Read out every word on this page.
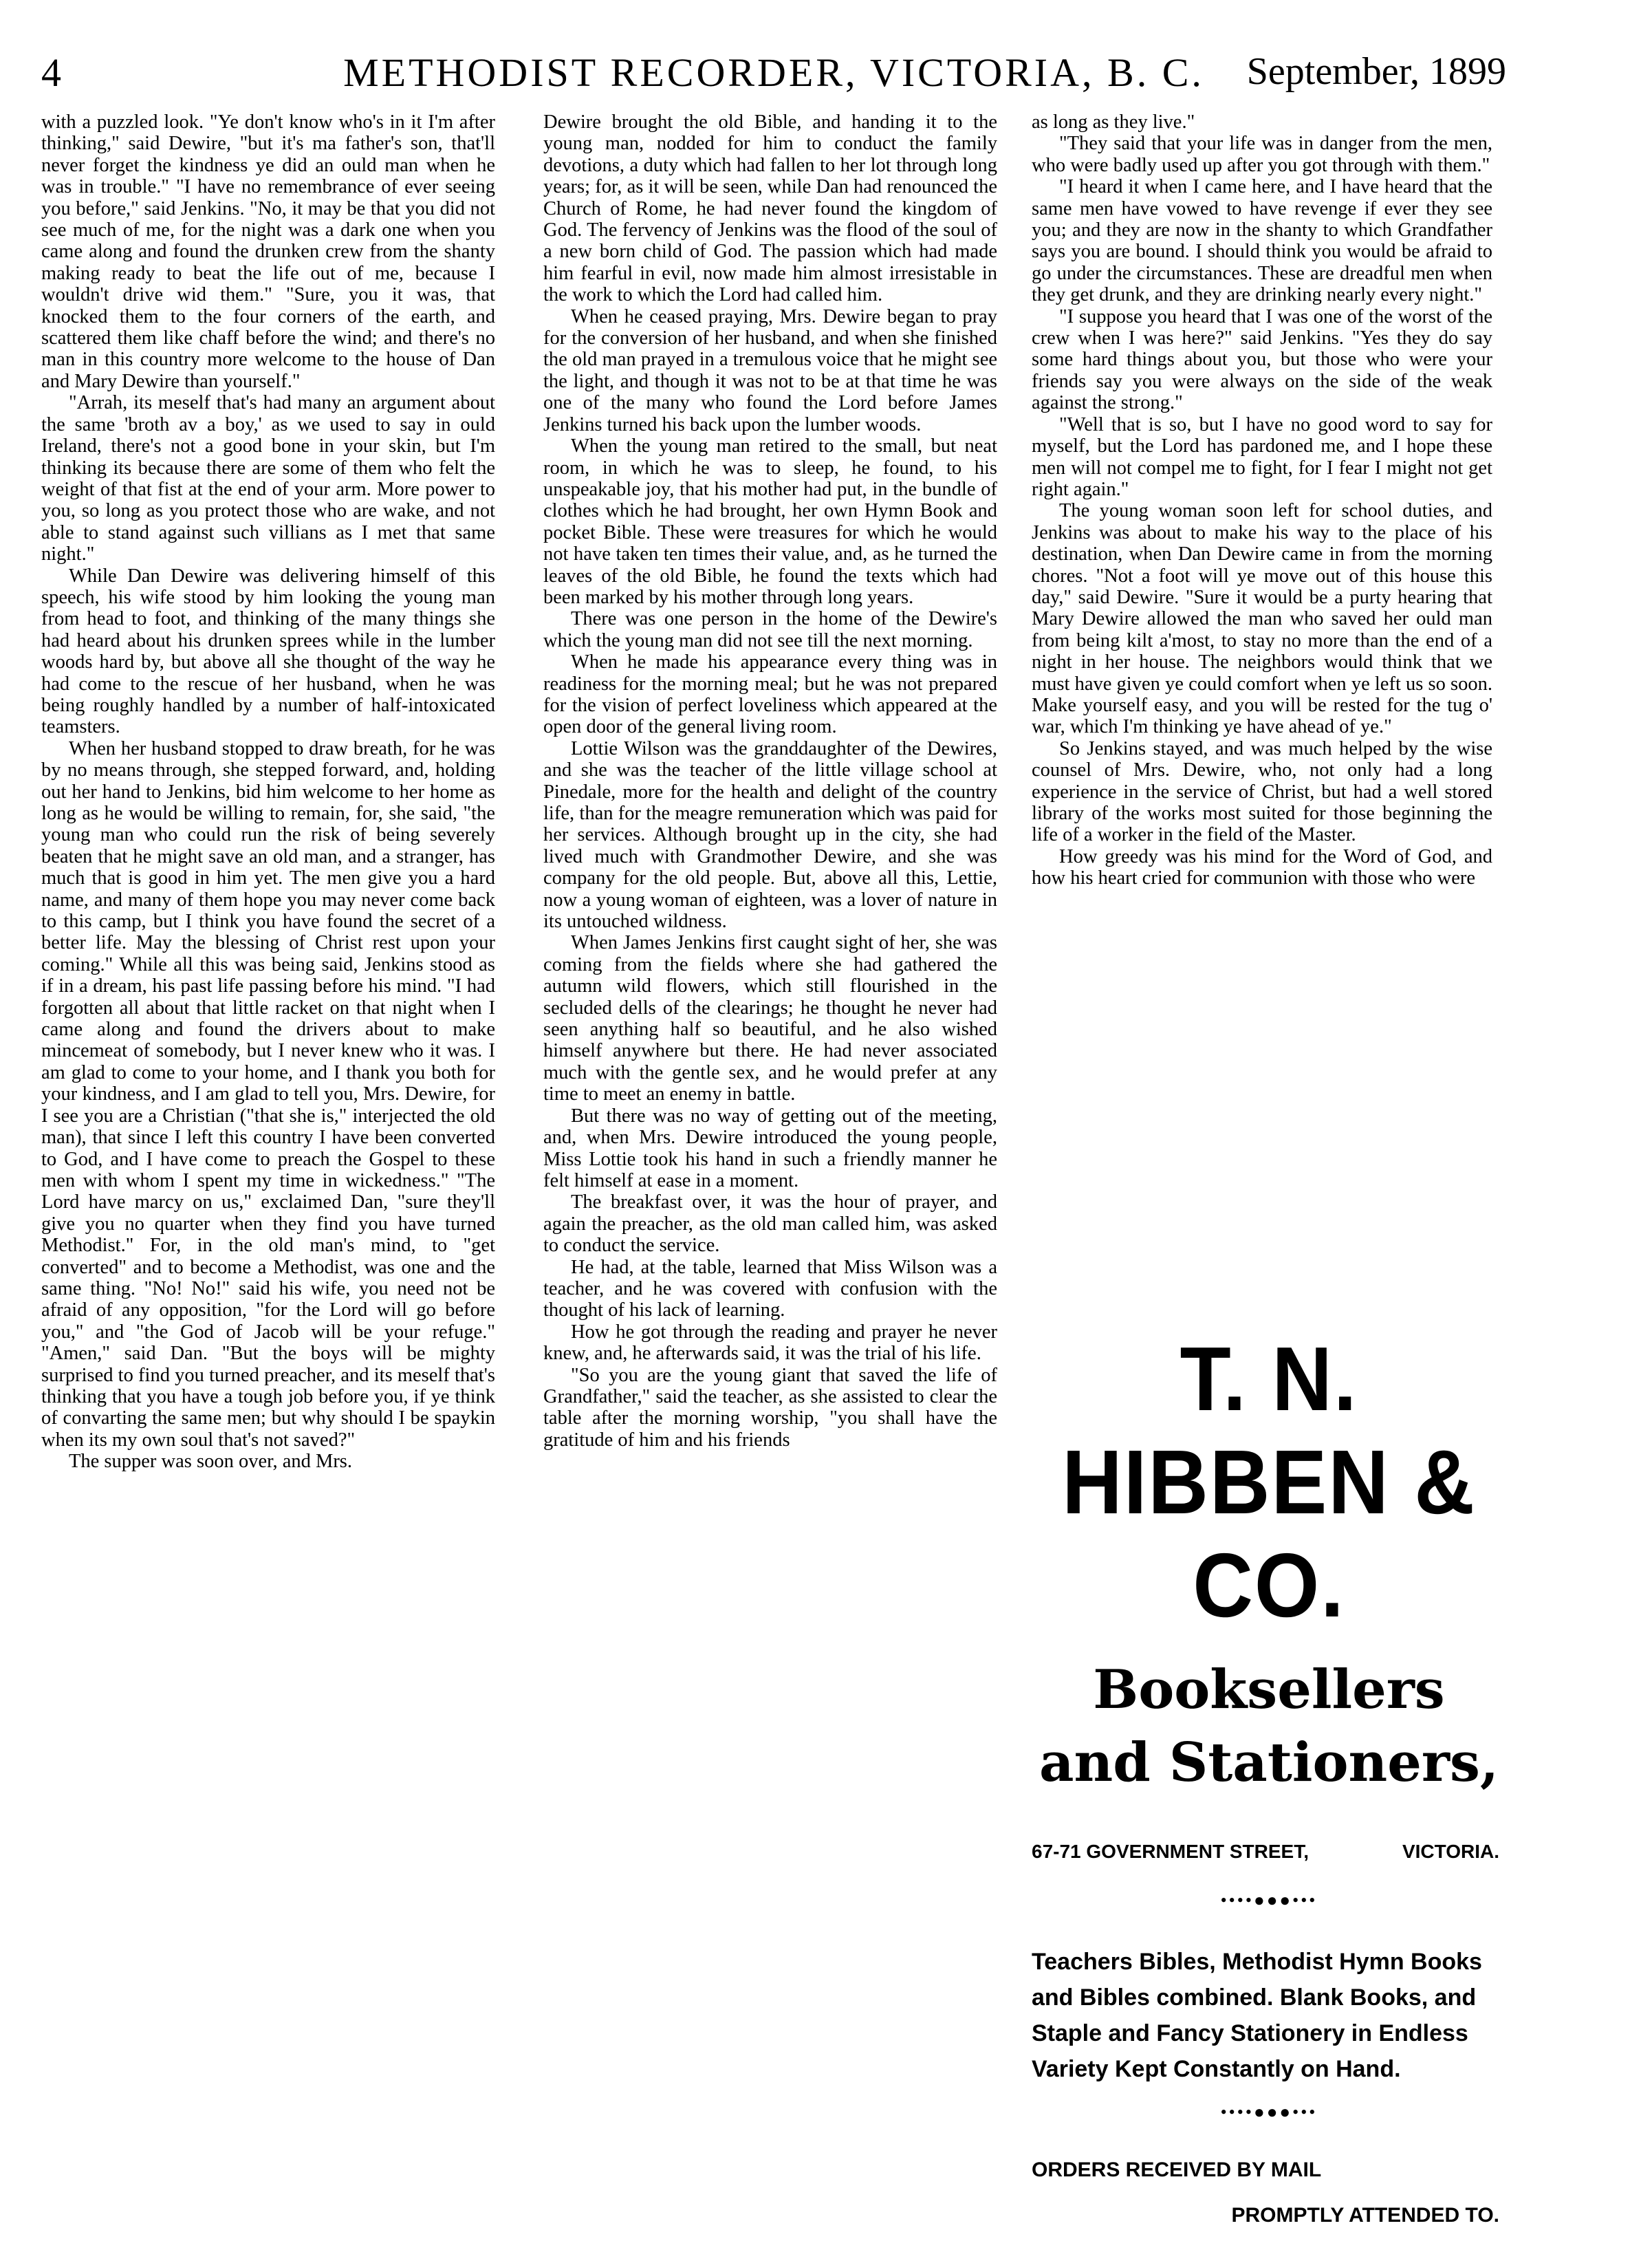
4	METHODIST RECORDER, VICTORIA, B. C.	September, 1899

with a puzzled look. "Ye don't know who's in it I'm after thinking," said Dewire, "but it's ma father's son, that'll never forget the kindness ye did an ould man when he was in trouble." "I have no remembrance of ever seeing you before," said Jenkins. "No, it may be that you did not see much of me, for the night was a dark one when you came along and found the drunken crew from the shanty making ready to beat the life out of me, because I wouldn't drive wid them." "Sure, you it was, that knocked them to the four corners of the earth, and scattered them like chaff before the wind; and there's no man in this country more welcome to the house of Dan and Mary Dewire than yourself."

"Arrah, its meself that's had many an argument about the same 'broth av a boy,' as we used to say in ould Ireland, there's not a good bone in your skin, but I'm thinking its because there are some of them who felt the weight of that fist at the end of your arm. More power to you, so long as you protect those who are wake, and not able to stand against such villians as I met that same night."

While Dan Dewire was delivering himself of this speech, his wife stood by him looking the young man from head to foot, and thinking of the many things she had heard about his drunken sprees while in the lumber woods hard by, but above all she thought of the way he had come to the rescue of her husband, when he was being roughly handled by a number of half-intoxicated teamsters.

When her husband stopped to draw breath, for he was by no means through, she stepped forward, and, holding out her hand to Jenkins, bid him welcome to her home as long as he would be willing to remain, for, she said, "the young man who could run the risk of being severely beaten that he might save an old man, and a stranger, has much that is good in him yet. The men give you a hard name, and many of them hope you may never come back to this camp, but I think you have found the secret of a better life. May the blessing of Christ rest upon your coming." While all this was being said, Jenkins stood as if in a dream, his past life passing before his mind. "I had forgotten all about that little racket on that night when I came along and found the drivers about to make mincemeat of somebody, but I never knew who it was. I am glad to come to your home, and I thank you both for your kindness, and I am glad to tell you, Mrs. Dewire, for I see you are a Christian ("that she is," interjected the old man), that since I left this country I have been converted to God, and I have come to preach the Gospel to these men with whom I spent my time in wickedness." "The Lord have marcy on us," exclaimed Dan, "sure they'll give you no quarter when they find you have turned Methodist." For, in the old man's mind, to "get converted" and to become a Methodist, was one and the same thing. "No! No!" said his wife, you need not be afraid of any opposition, "for the Lord will go before you," and "the God of Jacob will be your refuge." "Amen," said Dan. "But the boys will be mighty surprised to find you turned preacher, and its meself that's thinking that you have a tough job before you, if ye think of convarting the same men; but why should I be spaykin when its my own soul that's not saved?"

The supper was soon over, and Mrs.

Dewire brought the old Bible, and handing it to the young man, nodded for him to conduct the family devotions, a duty which had fallen to her lot through long years; for, as it will be seen, while Dan had renounced the Church of Rome, he had never found the kingdom of God. The fervency of Jenkins was the flood of the soul of a new born child of God. The passion which had made him fearful in evil, now made him almost irresistable in the work to which the Lord had called him.

When he ceased praying, Mrs. Dewire began to pray for the conversion of her husband, and when she finished the old man prayed in a tremulous voice that he might see the light, and though it was not to be at that time he was one of the many who found the Lord before James Jenkins turned his back upon the lumber woods.

When the young man retired to the small, but neat room, in which he was to sleep, he found, to his unspeakable joy, that his mother had put, in the bundle of clothes which he had brought, her own Hymn Book and pocket Bible. These were treasures for which he would not have taken ten times their value, and, as he turned the leaves of the old Bible, he found the texts which had been marked by his mother through long years.

There was one person in the home of the Dewire's which the young man did not see till the next morning.

When he made his appearance every thing was in readiness for the morning meal; but he was not prepared for the vision of perfect loveliness which appeared at the open door of the general living room.

Lottie Wilson was the granddaughter of the Dewires, and she was the teacher of the little village school at Pinedale, more for the health and delight of the country life, than for the meagre remuneration which was paid for her services. Although brought up in the city, she had lived much with Grandmother Dewire, and she was company for the old people. But, above all this, Lettie, now a young woman of eighteen, was a lover of nature in its untouched wildness.

When James Jenkins first caught sight of her, she was coming from the fields where she had gathered the autumn wild flowers, which still flourished in the secluded dells of the clearings; he thought he never had seen anything half so beautiful, and he also wished himself anywhere but there. He had never associated much with the gentle sex, and he would prefer at any time to meet an enemy in battle.

But there was no way of getting out of the meeting, and, when Mrs. Dewire introduced the young people, Miss Lottie took his hand in such a friendly manner he felt himself at ease in a moment.

The breakfast over, it was the hour of prayer, and again the preacher, as the old man called him, was asked to conduct the service.

He had, at the table, learned that Miss Wilson was a teacher, and he was covered with confusion with the thought of his lack of learning.

How he got through the reading and prayer he never knew, and, he afterwards said, it was the trial of his life.

"So you are the young giant that saved the life of Grandfather," said the teacher, as she assisted to clear the table after the morning worship, "you shall have the gratitude of him and his friends

as long as they live."

"They said that your life was in danger from the men, who were badly used up after you got through with them."

"I heard it when I came here, and I have heard that the same men have vowed to have revenge if ever they see you; and they are now in the shanty to which Grandfather says you are bound. I should think you would be afraid to go under the circumstances. These are dreadful men when they get drunk, and they are drinking nearly every night."

"I suppose you heard that I was one of the worst of the crew when I was here?" said Jenkins. "Yes they do say some hard things about you, but those who were your friends say you were always on the side of the weak against the strong."

"Well that is so, but I have no good word to say for myself, but the Lord has pardoned me, and I hope these men will not compel me to fight, for I fear I might not get right again."

The young woman soon left for school duties, and Jenkins was about to make his way to the place of his destination, when Dan Dewire came in from the morning chores. "Not a foot will ye move out of this house this day," said Dewire. "Sure it would be a purty hearing that Mary Dewire allowed the man who saved her ould man from being kilt a'most, to stay no more than the end of a night in her house. The neighbors would think that we must have given ye could comfort when ye left us so soon. Make yourself easy, and you will be rested for the tug o' war, which I'm thinking ye have ahead of ye."

So Jenkins stayed, and was much helped by the wise counsel of Mrs. Dewire, who, not only had a long experience in the service of Christ, but had a well stored library of the works most suited for those beginning the life of a worker in the field of the Master.

How greedy was his mind for the Word of God, and how his heart cried for communion with those who were

T. N. HIBBEN & CO.
Booksellers
and Stationers,
67-71 GOVERNMENT STREET,	VICTORIA.
••••●●●•••
Teachers Bibles, Methodist Hymn Books and Bibles combined. Blank Books, and Staple and Fancy Stationery in Endless Variety Kept Constantly on Hand.
••••●●●•••
ORDERS RECEIVED BY MAIL
PROMPTLY ATTENDED TO.
